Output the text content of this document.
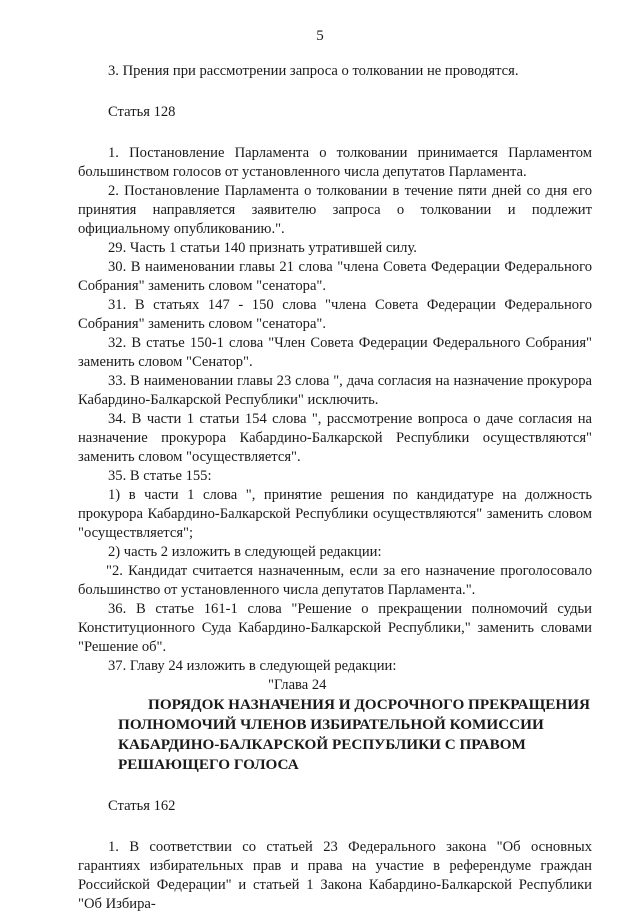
5

3. Прения при рассмотрении запроса о толковании не проводятся.

Статья 128

1. Постановление Парламента о толковании принимается Парламентом большинством голосов от установленного числа депутатов Парламента.

2. Постановление Парламента о толковании в течение пяти дней со дня его принятия направляется заявителю запроса о толковании и подлежит официальному опубликованию.".

29. Часть 1 статьи 140 признать утратившей силу.

30. В наименовании главы 21 слова "члена Совета Федерации Федерального Собрания" заменить словом "сенатора".

31. В статьях 147 - 150 слова "члена Совета Федерации Федерального Собрания" заменить словом "сенатора".

32. В статье 150-1 слова "Член Совета Федерации Федерального Собрания" заменить словом "Сенатор".

33. В наименовании главы 23 слова ", дача согласия на назначение прокурора Кабардино-Балкарской Республики" исключить.

34. В части 1 статьи 154 слова ", рассмотрение вопроса о даче согласия на назначение прокурора Кабардино-Балкарской Республики осуществляются" заменить словом "осуществляется".

35. В статье 155:

1) в части 1 слова ", принятие решения по кандидатуре на должность прокурора Кабардино-Балкарской Республики осуществляются" заменить словом "осуществляется";

2) часть 2 изложить в следующей редакции:

"2. Кандидат считается назначенным, если за его назначение проголосовало большинство от установленного числа депутатов Парламента.".

36. В статье 161-1 слова "Решение о прекращении полномочий судьи Конституционного Суда Кабардино-Балкарской Республики," заменить словами "Решение об".

37. Главу 24 изложить в следующей редакции:

"Глава 24

ПОРЯДОК НАЗНАЧЕНИЯ И ДОСРОЧНОГО ПРЕКРАЩЕНИЯ
ПОЛНОМОЧИЙ ЧЛЕНОВ ИЗБИРАТЕЛЬНОЙ КОМИССИИ
КАБАРДИНО-БАЛКАРСКОЙ РЕСПУБЛИКИ С ПРАВОМ
РЕШАЮЩЕГО ГОЛОСА

Статья 162

1. В соответствии со статьей 23 Федерального закона "Об основных гарантиях избирательных прав и права на участие в референдуме граждан Российской Федерации" и статьей 1 Закона Кабардино-Балкарской Республики "Об Избира-
